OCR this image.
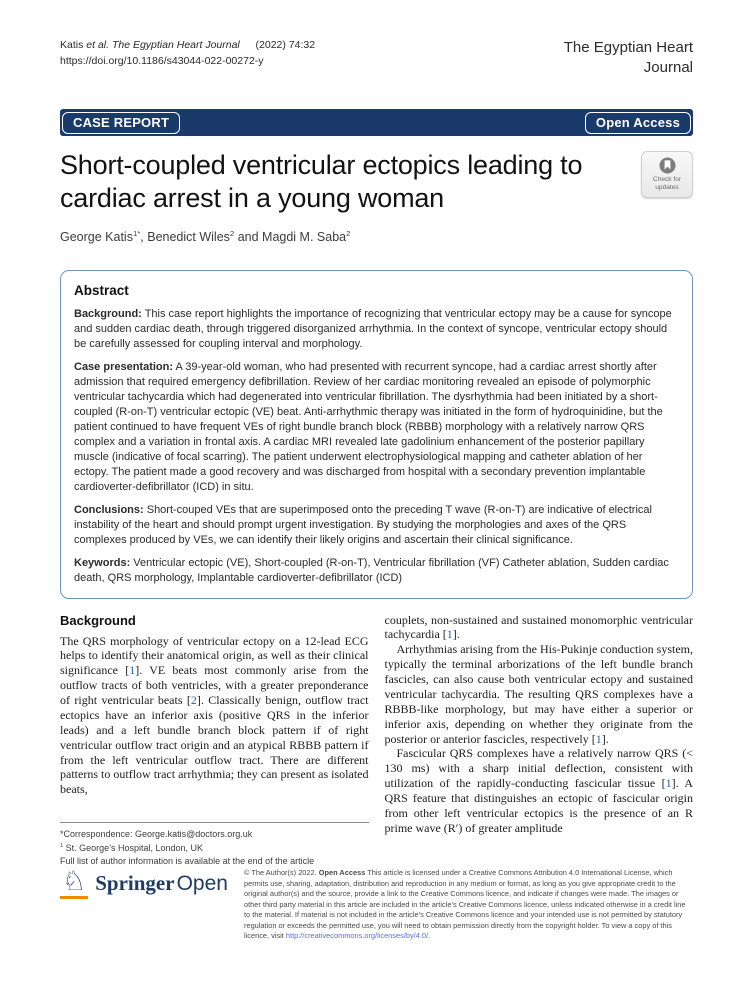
Katis et al. The Egyptian Heart Journal  (2022) 74:32
https://doi.org/10.1186/s43044-022-00272-y
The Egyptian Heart
Journal
CASE REPORT	Open Access
Short-coupled ventricular ectopics leading to cardiac arrest in a young woman
Check for
updates
George Katis$^{1*}$, Benedict Wiles$^2$ and Magdi M. Saba$^2$
Abstract

Background: This case report highlights the importance of recognizing that ventricular ectopy may be a cause for syncope and sudden cardiac death, through triggered disorganized arrhythmia. In the context of syncope, ventricular ectopy should be carefully assessed for coupling interval and morphology.

Case presentation: A 39-year-old woman, who had presented with recurrent syncope, had a cardiac arrest shortly after admission that required emergency defibrillation. Review of her cardiac monitoring revealed an episode of polymorphic ventricular tachycardia which had degenerated into ventricular fibrillation. The dysrhythmia had been initiated by a short-coupled (R-on-T) ventricular ectopic (VE) beat. Anti-arrhythmic therapy was initiated in the form of hydroquinidine, but the patient continued to have frequent VEs of right bundle branch block (RBBB) morphology with a relatively narrow QRS complex and a variation in frontal axis. A cardiac MRI revealed late gadolinium enhancement of the posterior papillary muscle (indicative of focal scarring). The patient underwent electrophysiological mapping and catheter ablation of her ectopy. The patient made a good recovery and was discharged from hospital with a secondary prevention implantable cardioverter-defibrillator (ICD) in situ.

Conclusions: Short-couped VEs that are superimposed onto the preceding T wave (R-on-T) are indicative of electrical instability of the heart and should prompt urgent investigation. By studying the morphologies and axes of the QRS complexes produced by VEs, we can identify their likely origins and ascertain their clinical significance.

Keywords: Ventricular ectopic (VE), Short-coupled (R-on-T), Ventricular fibrillation (VF) Catheter ablation, Sudden cardiac death, QRS morphology, Implantable cardioverter-defibrillator (ICD)

Background

The QRS morphology of ventricular ectopy on a 12-lead ECG helps to identify their anatomical origin, as well as their clinical significance [1]. VE beats most commonly arise from the outflow tracts of both ventricles, with a greater preponderance of right ventricular beats [2]. Classically benign, outflow tract ectopics have an inferior axis (positive QRS in the inferior leads) and a left bundle branch block pattern if of right ventricular outflow tract origin and an atypical RBBB pattern if from the left ventricular outflow tract. There are different patterns to outflow tract arrhythmia; they can present as isolated beats,

*Correspondence: George.katis@doctors.org.uk
$^1$ St. George’s Hospital, London, UK
Full list of author information is available at the end of the article

couplets, non-sustained and sustained monomorphic ventricular tachycardia [1].

Arrhythmias arising from the His-Pukinje conduction system, typically the terminal arborizations of the left bundle branch fascicles, can also cause both ventricular ectopy and sustained ventricular tachycardia. The resulting QRS complexes have a RBBB-like morphology, but may have either a superior or inferior axis, depending on whether they originate from the posterior or anterior fascicles, respectively [1].

Fascicular QRS complexes have a relatively narrow QRS (< 130 ms) with a sharp initial deflection, consistent with utilization of the rapidly-conducting fascicular tissue [1]. A QRS feature that distinguishes an ectopic of fascicular origin from other left ventricular ectopics is the presence of an R prime wave (R′) of greater amplitude

♘ SpringerOpen © The Author(s) 2022. Open Access This article is licensed under a Creative Commons Attribution 4.0 International License, which permits use, sharing, adaptation, distribution and reproduction in any medium or format, as long as you give appropriate credit to the original author(s) and the source, provide a link to the Creative Commons licence, and indicate if changes were made. The images or other third party material in this article are included in the article’s Creative Commons licence, unless indicated otherwise in a credit line to the material. If material is not included in the article’s Creative Commons licence and your intended use is not permitted by statutory regulation or exceeds the permitted use, you will need to obtain permission directly from the copyright holder. To view a copy of this licence, visit http://creativecommons.org/licenses/by/4.0/.
